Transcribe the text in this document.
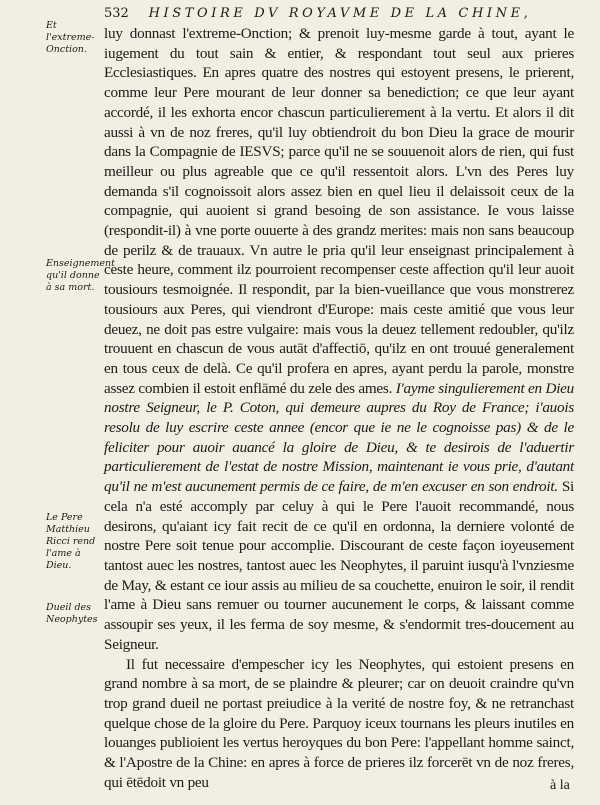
532 HISTOIRE DV ROYAVME DE LA CHINE,
Et l'extreme-Onction.
Enseignement qu'il donne à sa mort.
Le Pere Matthieu Ricci rend l'ame à Dieu.
Dueil des Neophytes

luy donnast l'extreme-Onction; & prenoit luy-mesme garde à tout, ayant le iugement du tout sain & entier, & respondant tout seul aux prieres Ecclesiastiques. En apres quatre des nostres qui estoyent presens, le prierent, comme leur Pere mourant de leur donner sa benediction; ce que leur ayant accordé, il les exhorta encor chascun particulierement à la vertu. Et alors il dit aussi à vn de noz freres, qu'il luy obtiendroit du bon Dieu la grace de mourir dans la Compagnie de IESVS; parce qu'il ne se souuenoit alors de rien, qui fust meilleur ou plus agreable que ce qu'il ressentoit alors. L'vn des Peres luy demanda s'il cognoissoit alors assez bien en quel lieu il delaissoit ceux de la compagnie, qui auoient si grand besoing de son assistance. Ie vous laisse (respondit-il) à vne porte ouuerte à des grandz merites: mais non sans beaucoup de perilz & de trauaux. Vn autre le pria qu'il leur enseignast principalement à ceste heure, comment ilz pourroient recompenser ceste affection qu'il leur auoit tousiours tesmoignée. Il respondit, par la bien-vueillance que vous monstrerez tousiours aux Peres, qui viendront d'Europe: mais ceste amitié que vous leur deuez, ne doit pas estre vulgaire: mais vous la deuez tellement redoubler, qu'ilz trouuent en chascun de vous autāt d'affectiō, qu'ilz en ont trouué generalement en tous ceux de delà. Ce qu'il profera en apres, ayant perdu la parole, monstre assez combien il estoit enflāmé du zele des ames. I'ayme singulierement en Dieu nostre Seigneur, le P. Coton, qui demeure aupres du Roy de France; i'auois resolu de luy escrire ceste annee (encor que ie ne le cognoisse pas) & de le feliciter pour auoir auancé la gloire de Dieu, & te desirois de l'aduertir particulierement de l'estat de nostre Mission, maintenant ie vous prie, d'autant qu'il ne m'est aucunement permis de ce faire, de m'en excuser en son endroit. Si cela n'a esté accomply par celuy à qui le Pere l'auoit recommandé, nous desirons, qu'aiant icy fait recit de ce qu'il en ordonna, la derniere volonté de nostre Pere soit tenue pour accomplie. Discourant de ceste façon ioyeusement tantost auec les nostres, tantost auec les Neophytes, il paruint iusqu'à l'vnziesme de May, & estant ce iour assis au milieu de sa couchette, enuiron le soir, il rendit l'ame à Dieu sans remuer ou tourner aucunement le corps, & laissant comme assoupir ses yeux, il les ferma de soy mesme, & s'endormit tres-doucement au Seigneur.

Il fut necessaire d'empescher icy les Neophytes, qui estoient presens en grand nombre à sa mort, de se plaindre & pleurer; car on deuoit craindre qu'vn trop grand dueil ne portast preiudice à la verité de nostre foy, & ne retranchast quelque chose de la gloire du Pere. Parquoy iceux tournans les pleurs inutiles en louanges publioient les vertus heroyques du bon Pere: l'appellant homme sainct, & l'Apostre de la Chine: en apres à force de prieres ilz forcerēt vn de noz freres, qui ētēdoit vn peu	à la
